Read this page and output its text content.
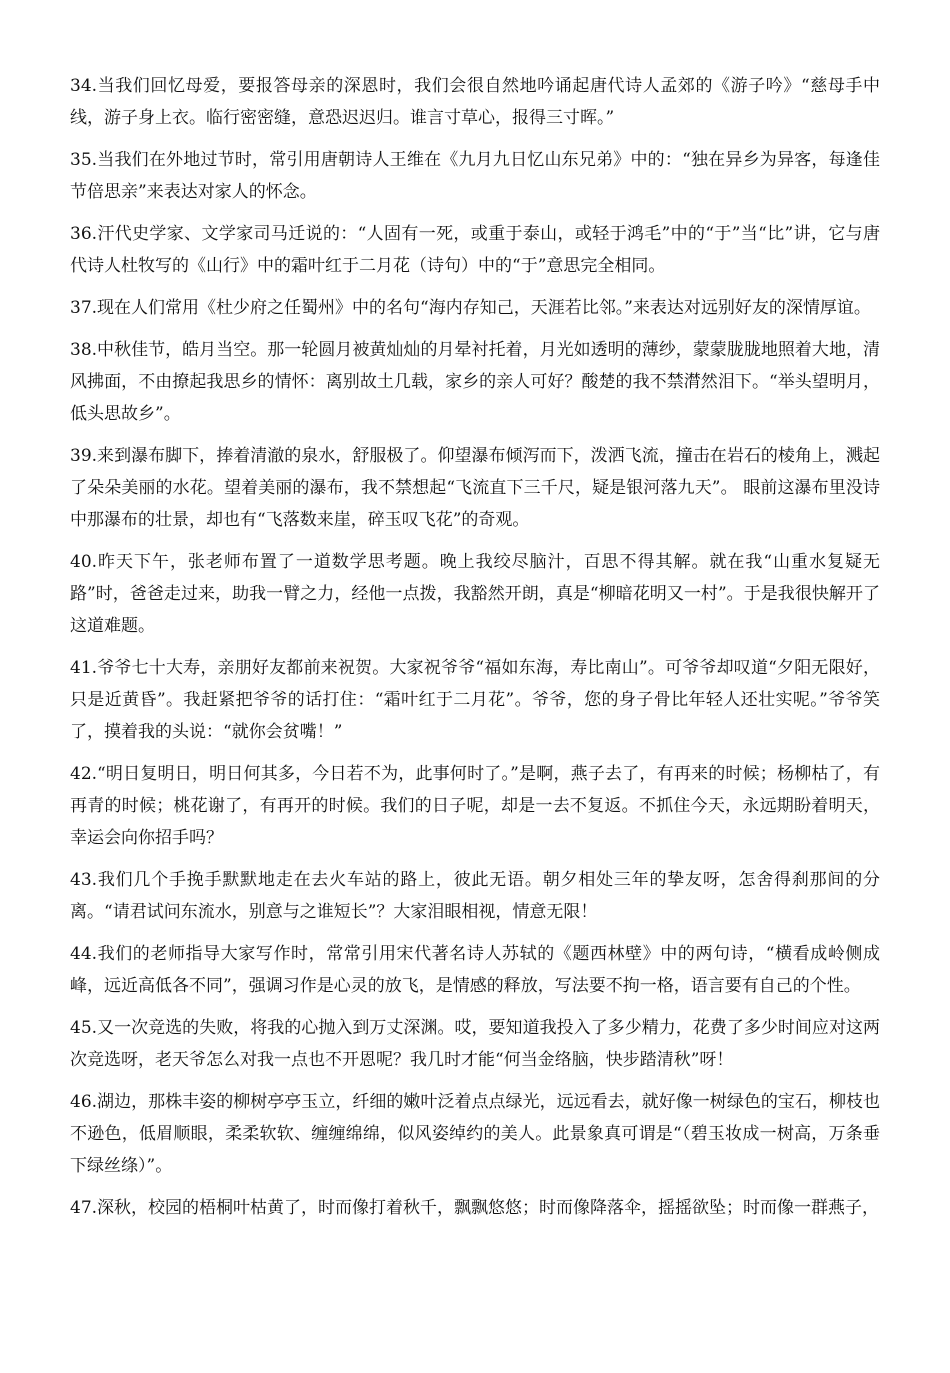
34.当我们回忆母爱，要报答母亲的深恩时，我们会很自然地吟诵起唐代诗人孟郊的《游子吟》“慈母手中线，游子身上衣。临行密密缝，意恐迟迟归。谁言寸草心，报得三寸晖。”

35.当我们在外地过节时，常引用唐朝诗人王维在《九月九日忆山东兄弟》中的：“独在异乡为异客，每逢佳节倍思亲”来表达对家人的怀念。

36.汗代史学家、文学家司马迁说的：“人固有一死，或重于泰山，或轻于鸿毛”中的“于”当“比”讲，它与唐代诗人杜牧写的《山行》中的霜叶红于二月花（诗句）中的“于”意思完全相同。

37.现在人们常用《杜少府之任蜀州》中的名句“海内存知己，天涯若比邻。”来表达对远别好友的深情厚谊。

38.中秋佳节，皓月当空。那一轮圆月被黄灿灿的月晕衬托着，月光如透明的薄纱，蒙蒙胧胧地照着大地，清风拂面，不由撩起我思乡的情怀：离别故土几载，家乡的亲人可好？酸楚的我不禁潸然泪下。“举头望明月，低头思故乡”。

39.来到瀑布脚下，捧着清澈的泉水，舒服极了。仰望瀑布倾泻而下，泼洒飞流，撞击在岩石的棱角上，溅起了朵朵美丽的水花。望着美丽的瀑布，我不禁想起“飞流直下三千尺，疑是银河落九天”。 眼前这瀑布里没诗中那瀑布的壮景，却也有“飞落数来崖，碎玉叹飞花”的奇观。

40.昨天下午，张老师布置了一道数学思考题。晚上我绞尽脑汁，百思不得其解。就在我“山重水复疑无路”时，爸爸走过来，助我一臂之力，经他一点拨，我豁然开朗，真是“柳暗花明又一村”。于是我很快解开了这道难题。

41.爷爷七十大寿，亲朋好友都前来祝贺。大家祝爷爷“福如东海，寿比南山”。可爷爷却叹道“夕阳无限好，只是近黄昏”。我赶紧把爷爷的话打住：“霜叶红于二月花”。爷爷，您的身子骨比年轻人还壮实呢。”爷爷笑了，摸着我的头说：“就你会贫嘴！”

42.“明日复明日，明日何其多，今日若不为，此事何时了。”是啊，燕子去了，有再来的时候；杨柳枯了，有再青的时候；桃花谢了，有再开的时候。我们的日子呢，却是一去不复返。不抓住今天，永远期盼着明天，幸运会向你招手吗？

43.我们几个手挽手默默地走在去火车站的路上，彼此无语。朝夕相处三年的挚友呀，怎舍得刹那间的分离。“请君试问东流水，别意与之谁短长”？大家泪眼相视，情意无限！

44.我们的老师指导大家写作时，常常引用宋代著名诗人苏轼的《题西林壁》中的两句诗，“横看成岭侧成峰，远近高低各不同”，强调习作是心灵的放飞，是情感的释放，写法要不拘一格，语言要有自己的个性。

45.又一次竞选的失败，将我的心抛入到万丈深渊。哎，要知道我投入了多少精力，花费了多少时间应对这两次竞选呀，老天爷怎么对我一点也不开恩呢？我几时才能“何当金络脑，快步踏清秋”呀！

46.湖边，那株丰姿的柳树亭亭玉立，纤细的嫩叶泛着点点绿光，远远看去，就好像一树绿色的宝石，柳枝也不逊色，低眉顺眼，柔柔软软、缠缠绵绵，似风姿绰约的美人。此景象真可谓是“（碧玉妆成一树高，万条垂下绿丝绦）”。

47.深秋，校园的梧桐叶枯黄了，时而像打着秋千，飘飘悠悠；时而像降落伞，摇摇欲坠；时而像一群燕子，
